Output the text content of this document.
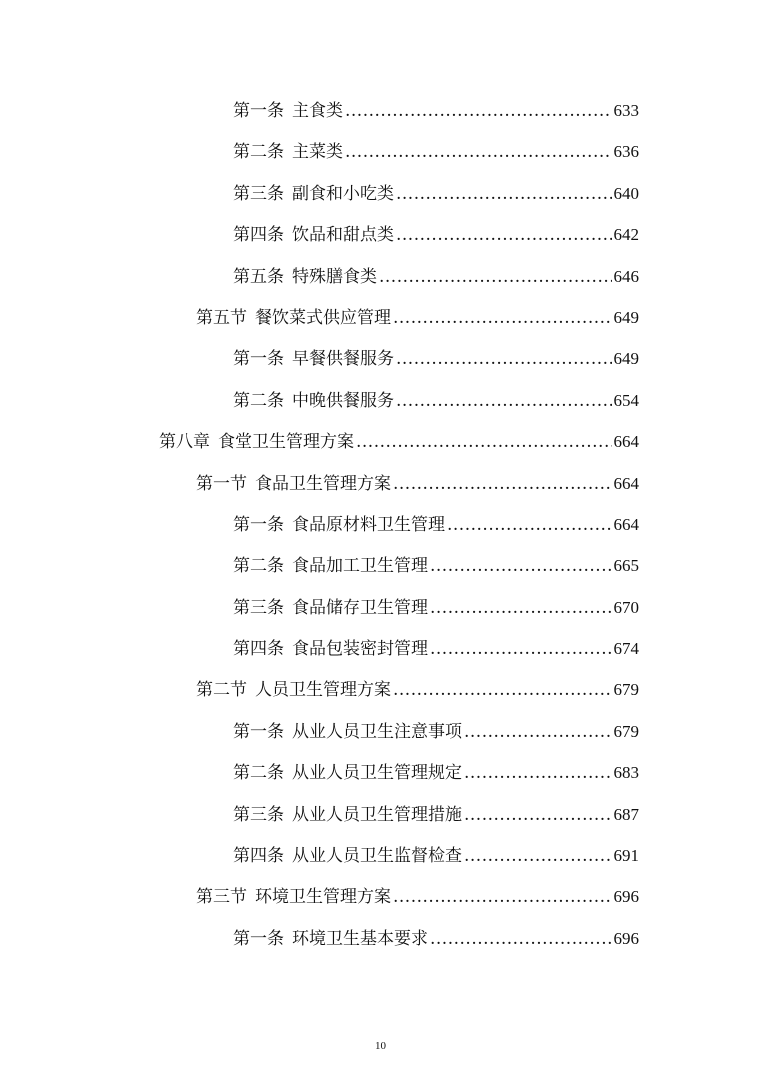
第一条 主食类 .....	633
第二条 主菜类 .....	636
第三条 副食和小吃类 .....	640
第四条 饮品和甜点类 .....	642
第五条 特殊膳食类 .....	646
第五节 餐饮菜式供应管理 .....	649
第一条 早餐供餐服务 .....	649
第二条 中晚供餐服务 .....	654
第八章 食堂卫生管理方案 .....	664
第一节 食品卫生管理方案 .....	664
第一条 食品原材料卫生管理 .....	664
第二条 食品加工卫生管理 .....	665
第三条 食品储存卫生管理 .....	670
第四条 食品包装密封管理 .....	674
第二节 人员卫生管理方案 .....	679
第一条 从业人员卫生注意事项 .....	679
第二条 从业人员卫生管理规定 .....	683
第三条 从业人员卫生管理措施 .....	687
第四条 从业人员卫生监督检查 .....	691
第三节 环境卫生管理方案 .....	696
第一条 环境卫生基本要求 .....	696
10
